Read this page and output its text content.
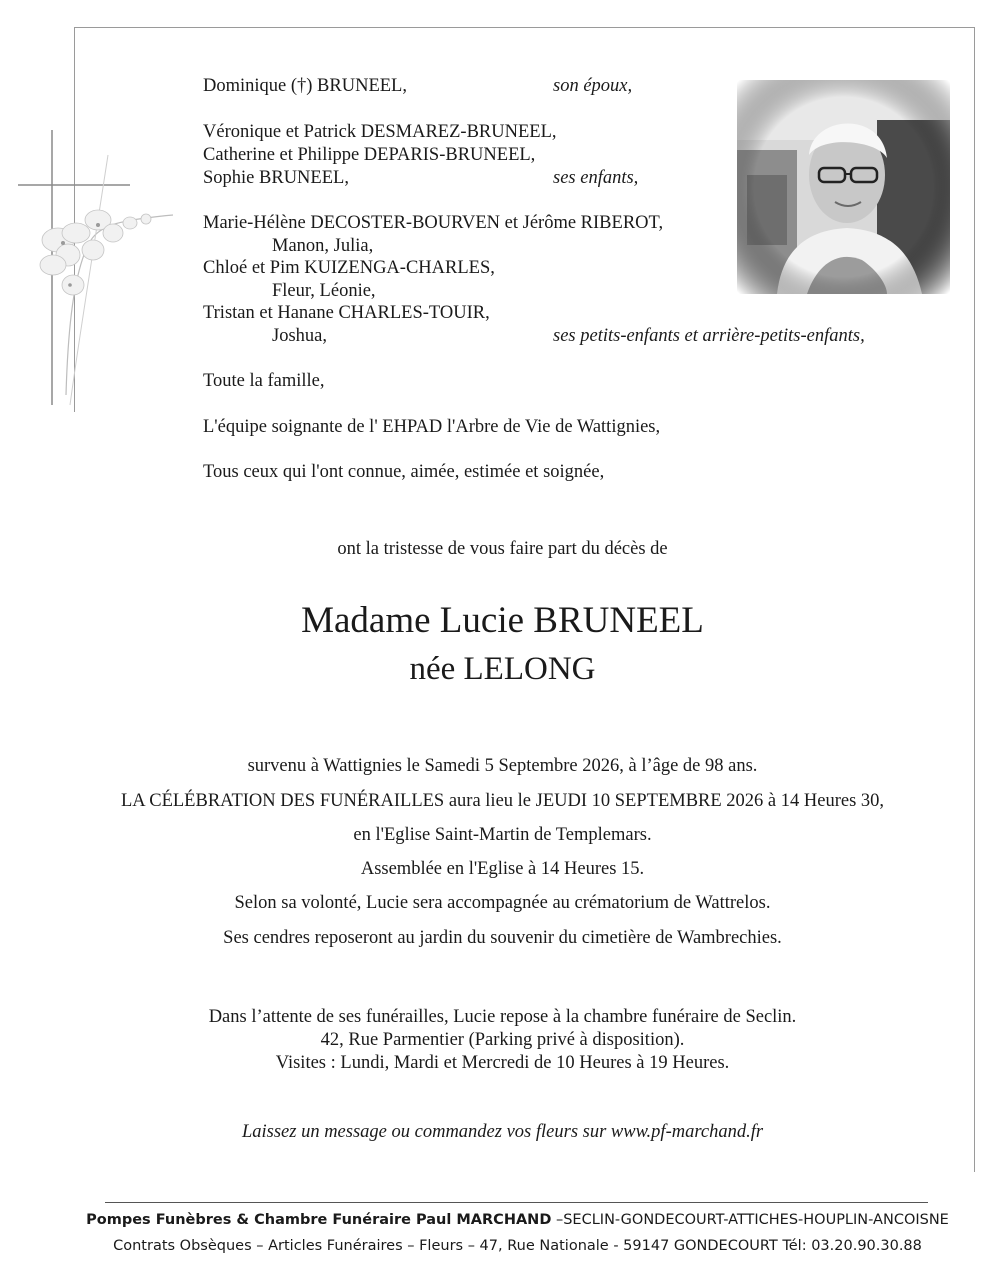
Dominique (†) BRUNEEL,	son époux,
Véronique et Patrick DESMAREZ-BRUNEEL,
Catherine et Philippe DEPARIS-BRUNEEL,
Sophie BRUNEEL,	ses enfants,
Marie-Hélène DECOSTER-BOURVEN et Jérôme RIBEROT,
Manon, Julia,
Chloé et Pim KUIZENGA-CHARLES,
Fleur, Léonie,
Tristan et Hanane CHARLES-TOUIR,
Joshua,	ses petits-enfants et arrière-petits-enfants,
Toute la famille,
L'équipe soignante de l' EHPAD l'Arbre de Vie de Wattignies,
Tous ceux qui l'ont connue, aimée, estimée et soignée,
ont la tristesse de vous faire part du décès de
Madame Lucie BRUNEEL
née LELONG
survenu à Wattignies le Samedi 5 Septembre 2026, à l’âge de 98 ans.
LA CÉLÉBRATION DES FUNÉRAILLES aura lieu le JEUDI 10 SEPTEMBRE 2026 à 14 Heures 30,
en l'Eglise Saint-Martin de Templemars.
Assemblée en l'Eglise à 14 Heures 15.
Selon sa volonté, Lucie sera accompagnée au crématorium de Wattrelos.
Ses cendres reposeront au jardin du souvenir du cimetière de Wambrechies.
Dans l’attente de ses funérailles, Lucie repose à la chambre funéraire de Seclin.
42, Rue Parmentier (Parking privé à disposition).
Visites : Lundi, Mardi et Mercredi de 10 Heures à 19 Heures.
Laissez un message ou commandez vos fleurs sur www.pf-marchand.fr
Pompes Funèbres & Chambre Funéraire Paul MARCHAND –SECLIN-GONDECOURT-ATTICHES-HOUPLIN-ANCOISNE
Contrats Obsèques – Articles Funéraires – Fleurs – 47, Rue Nationale - 59147 GONDECOURT Tél: 03.20.90.30.88
